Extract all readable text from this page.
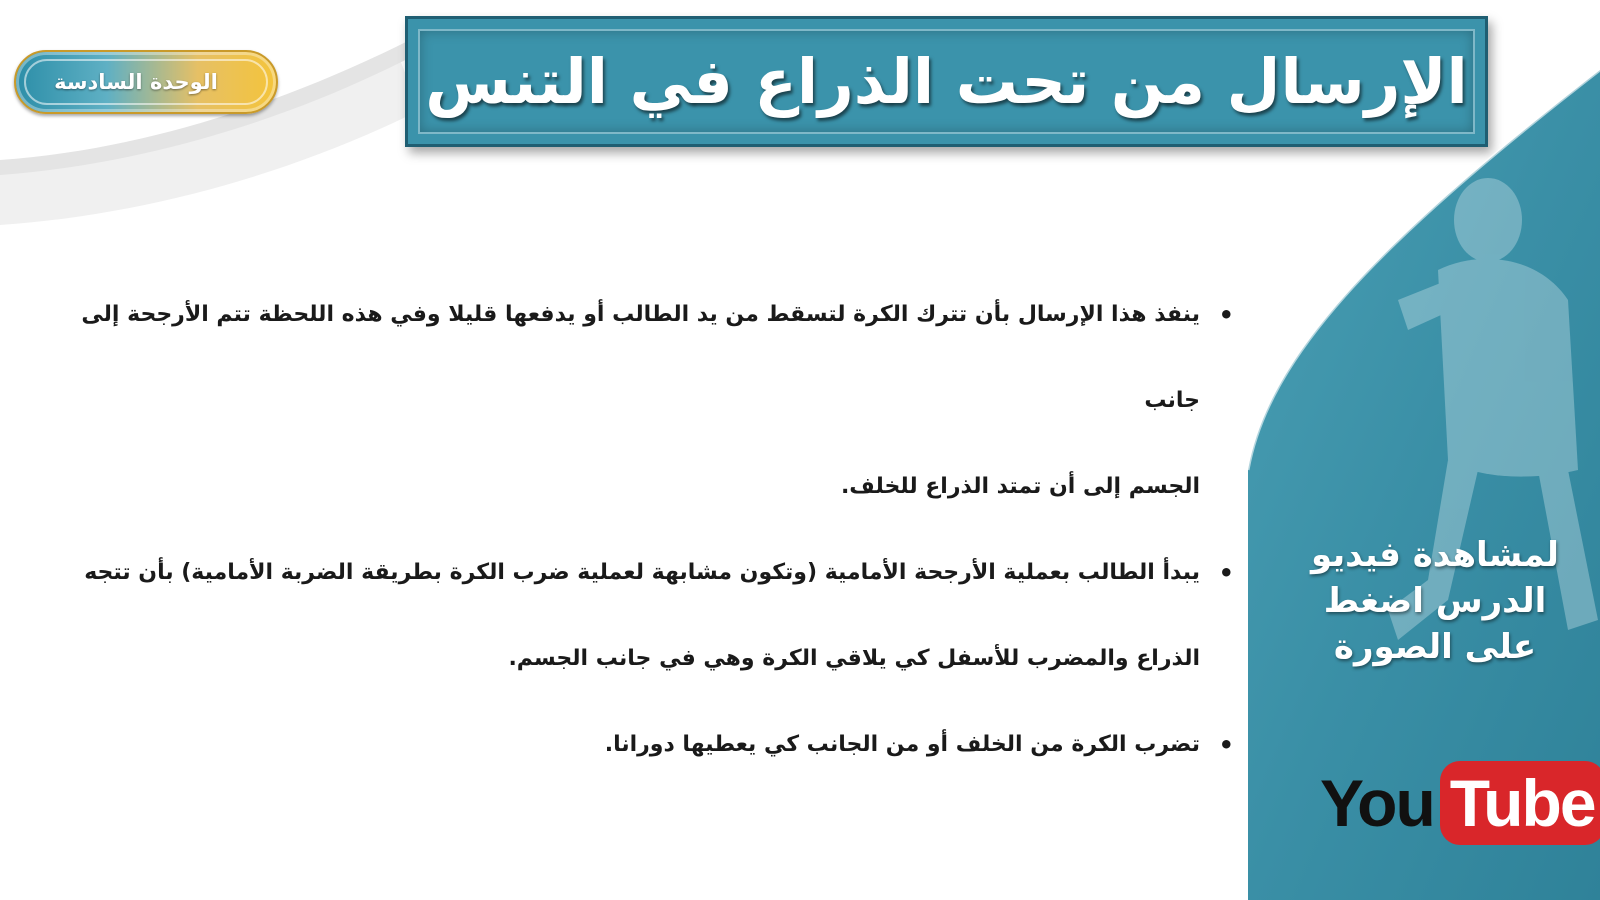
الوحدة السادسة	الإرسال من تحت الذراع في التنس
•
ينفذ هذا الإرسال بأن تترك الكرة لتسقط من يد الطالب أو يدفعها قليلا وفي هذه اللحظة تتم الأرجحة إلى جانب
الجسم إلى أن تمتد الذراع للخلف.
•
يبدأ الطالب بعملية الأرجحة الأمامية (وتكون مشابهة لعملية ضرب الكرة بطريقة الضربة الأمامية) بأن تتجه
الذراع والمضرب للأسفل كي يلاقي الكرة وهي في جانب الجسم.
•
تضرب الكرة من الخلف أو من الجانب كي يعطيها دورانا.
لمشاهدة فيديو
الدرس اضغط
على الصورة
You Tube
